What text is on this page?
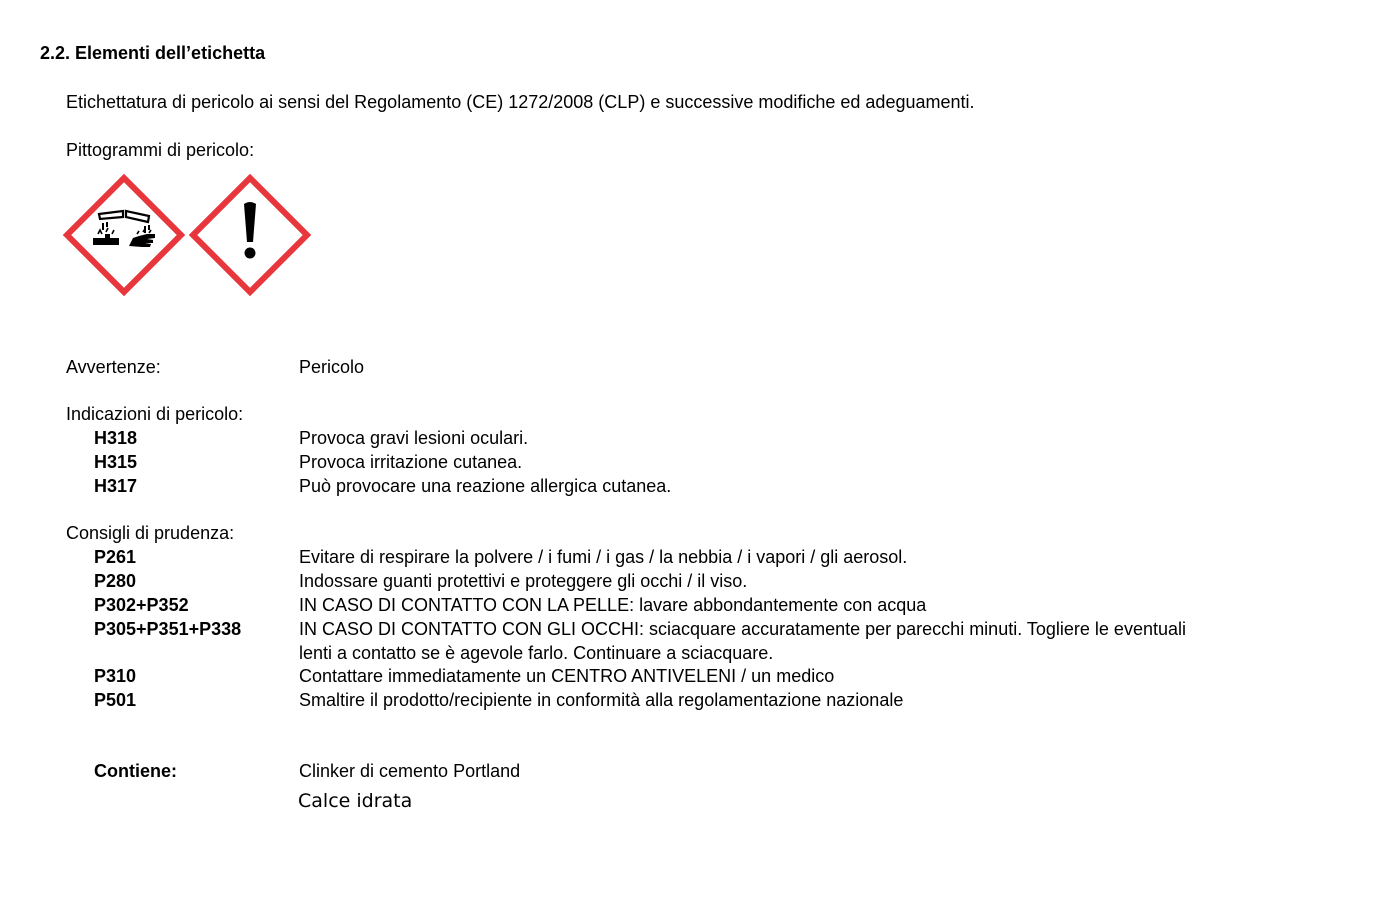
2.2. Elementi dell’etichetta
Etichettatura di pericolo ai sensi del Regolamento (CE) 1272/2008 (CLP) e successive modifiche ed adeguamenti.
Pittogrammi di pericolo:
Avvertenze:	Pericolo
Indicazioni di pericolo:
H318	Provoca gravi lesioni oculari.
H315	Provoca irritazione cutanea.
H317	Può provocare una reazione allergica cutanea.
Consigli di prudenza:
P261	Evitare di respirare la polvere / i fumi / i gas / la nebbia / i vapori / gli aerosol.
P280	Indossare guanti protettivi e proteggere gli occhi / il viso.
P302+P352	IN CASO DI CONTATTO CON LA PELLE: lavare abbondantemente con acqua
P305+P351+P338	IN CASO DI CONTATTO CON GLI OCCHI: sciacquare accuratamente per parecchi minuti. Togliere le eventuali
lenti a contatto se è agevole farlo. Continuare a sciacquare.
P310	Contattare immediatamente un CENTRO ANTIVELENI / un medico
P501	Smaltire il prodotto/recipiente in conformità alla regolamentazione nazionale
Contiene:	Clinker di cemento Portland
Calce idrata
